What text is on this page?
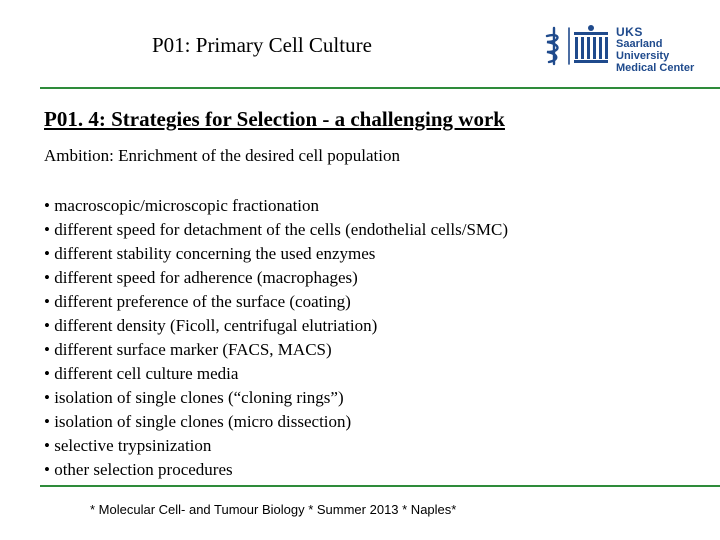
P01: Primary Cell Culture
UKS
Saarland University
Medical Center
P01. 4: Strategies for Selection - a challenging work
Ambition: Enrichment of the desired cell population
• macroscopic/microscopic fractionation
• different speed for detachment of the cells (endothelial cells/SMC)
• different stability concerning the used enzymes
• different speed for adherence (macrophages)
• different preference of the surface (coating)
• different density (Ficoll, centrifugal elutriation)
• different surface marker (FACS, MACS)
• different cell culture media
• isolation of single clones (“cloning rings”)
• isolation of single clones (micro dissection)
• selective trypsinization
• other selection procedures
* Molecular Cell- and Tumour Biology * Summer 2013 * Naples*
